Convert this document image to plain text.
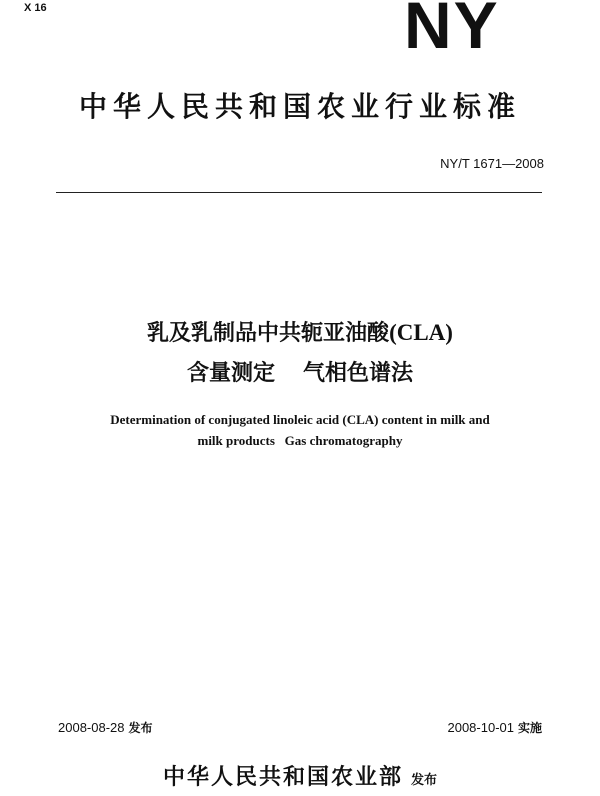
X 16	NY
中华人民共和国农业行业标准
NY/T 1671—2008
乳及乳制品中共轭亚油酸(CLA)
含量测定 气相色谱法
Determination of conjugated linoleic acid (CLA) content in milk and
milk products   Gas chromatography
2008-08-28 发布	2008-10-01 实施
中华人民共和国农业部 发布
